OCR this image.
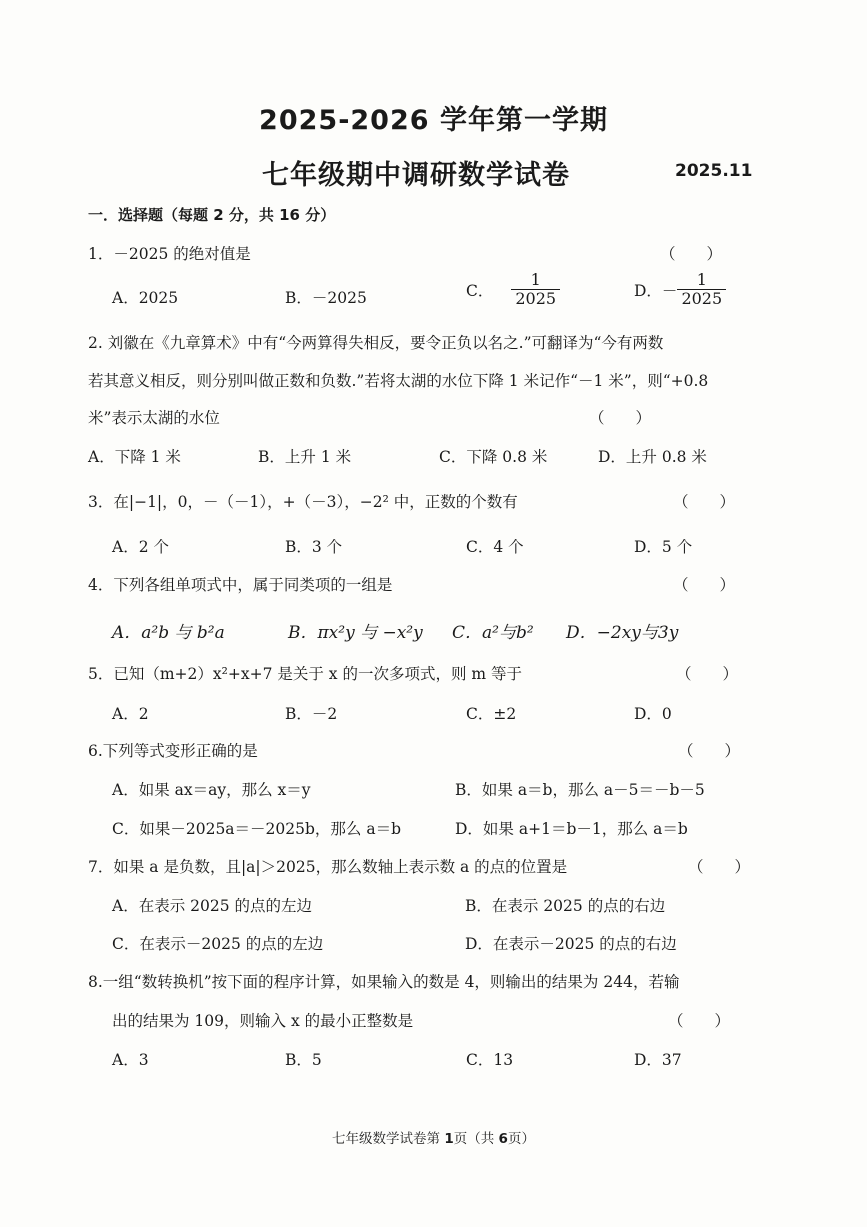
2025-2026 学年第一学期
七年级期中调研数学试卷	2025.11
一．选择题（每题 2 分，共 16 分）
1．－2025 的绝对值是	（　　）
A．2025	B．－2025	C． $\frac{1}{2025}$	D．－ $\frac{1}{2025}$
2. 刘徽在《九章算术》中有“今两算得失相反，要令正负以名之.”可翻译为“今有两数
若其意义相反，则分别叫做正数和负数.”若将太湖的水位下降 1 米记作“－1 米”，则“+0.8
米”表示太湖的水位	（　　）
A．下降 1 米	B．上升 1 米	C．下降 0.8 米	D．上升 0.8 米
3．在|−1|，0，－（－1），+（－3），−2² 中，正数的个数有	（　　）
A．2 个	B．3 个	C．4 个	D．5 个
4．下列各组单项式中，属于同类项的一组是	（　　）
A．a²b 与 b²a	B．πx²y 与 −x²y C．a²与b² D．−2xy与3y
5．已知（m+2）x²+x+7 是关于 x 的一次多项式，则 m 等于	（　　）
A．2	B．－2	C．±2	D．0
6.下列等式变形正确的是	（　　）
A．如果 ax＝ay，那么 x＝y	B．如果 a＝b，那么 a－5＝－b－5
C．如果－2025a＝－2025b，那么 a＝b	D．如果 a+1＝b－1，那么 a＝b
7．如果 a 是负数，且|a|＞2025，那么数轴上表示数 a 的点的位置是	（　　）
A．在表示 2025 的点的左边	B．在表示 2025 的点的右边
C．在表示－2025 的点的左边	D．在表示－2025 的点的右边
8.一组“数转换机”按下面的程序计算，如果输入的数是 4，则输出的结果为 244，若输
出的结果为 109，则输入 x 的最小正整数是	（　　）
A．3	B．5	C．13	D．37
七年级数学试卷第 1页（共 6页）
